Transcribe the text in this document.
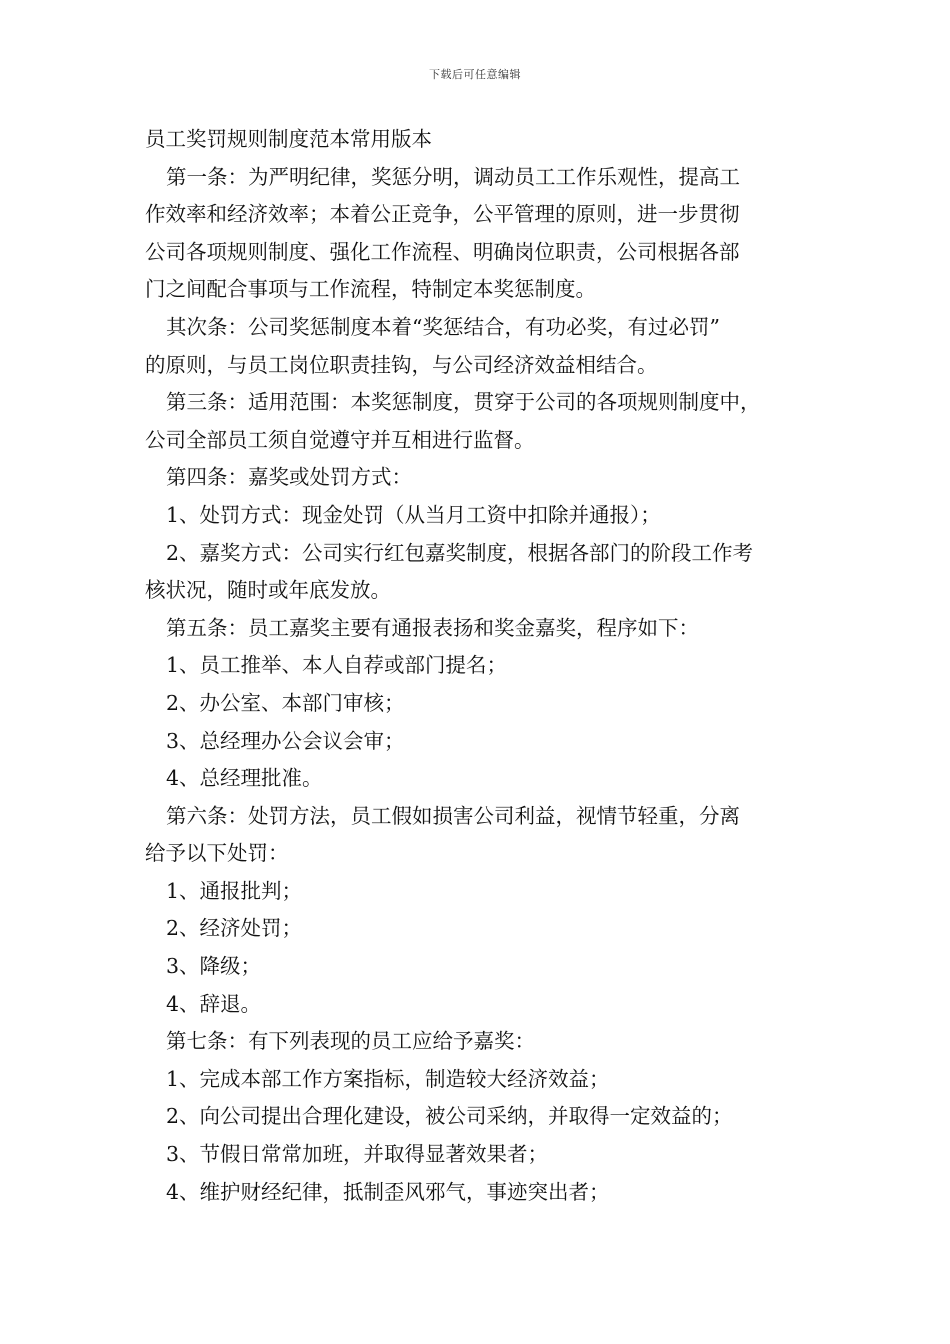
下载后可任意编辑

员工奖罚规则制度范本常用版本

第一条：为严明纪律，奖惩分明，调动员工工作乐观性，提高工

作效率和经济效率；本着公正竞争，公平管理的原则，进一步贯彻

公司各项规则制度、强化工作流程、明确岗位职责，公司根据各部

门之间配合事项与工作流程，特制定本奖惩制度。

其次条：公司奖惩制度本着“奖惩结合，有功必奖，有过必罚”

的原则，与员工岗位职责挂钩，与公司经济效益相结合。

第三条：适用范围：本奖惩制度，贯穿于公司的各项规则制度中，

公司全部员工须自觉遵守并互相进行监督。

第四条：嘉奖或处罚方式：

1、处罚方式：现金处罚（从当月工资中扣除并通报）；

2、嘉奖方式：公司实行红包嘉奖制度，根据各部门的阶段工作考

核状况，随时或年底发放。

第五条：员工嘉奖主要有通报表扬和奖金嘉奖，程序如下：

1、员工推举、本人自荐或部门提名；

2、办公室、本部门审核；

3、总经理办公会议会审；

4、总经理批准。

第六条：处罚方法，员工假如损害公司利益，视情节轻重，分离

给予以下处罚：

1、通报批判；

2、经济处罚；

3、降级；

4、辞退。

第七条：有下列表现的员工应给予嘉奖：

1、完成本部工作方案指标，制造较大经济效益；

2、向公司提出合理化建设，被公司采纳，并取得一定效益的；

3、节假日常常加班，并取得显著效果者；

4、维护财经纪律，抵制歪风邪气，事迹突出者；
